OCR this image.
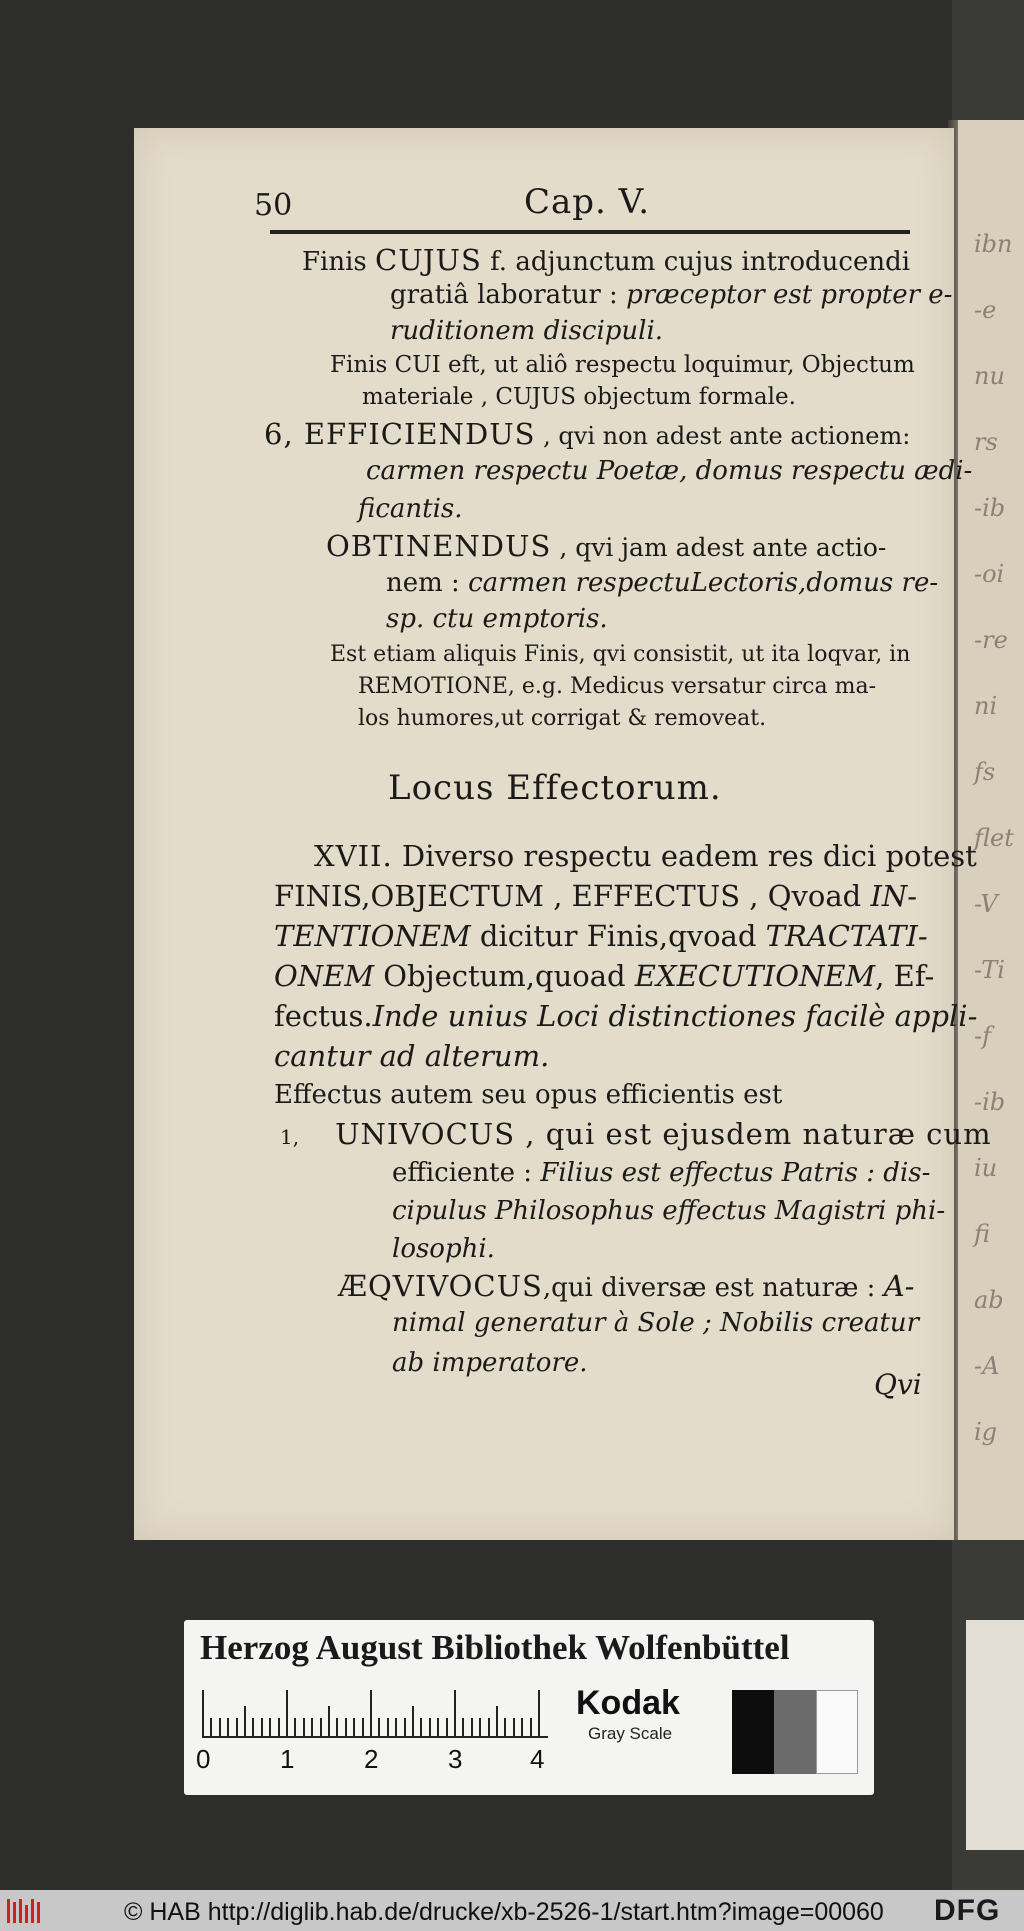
ibn
-e
nu
rs
-ib
-oi
-re
ni
fs
flet
-V
-Ti
-f
-ib
iu
fi
ab
-A
ig
50	Cap. V.
Finis CUJUS f. adjunctum cujus introducendi
gratiâ laboratur : præceptor est propter e-
ruditionem discipuli.
Finis CUI eft, ut aliô respectu loquimur, Objectum
materiale , CUJUS objectum formale.
6, EFFICIENDUS , qvi non adest ante actionem:
carmen respectu Poetæ, domus respectu ædi-
ficantis.
OBTINENDUS , qvi jam adest ante actio-
nem : carmen respectuLectoris,domus re-
sp. ctu emptoris.
Est etiam aliquis Finis, qvi consistit, ut ita loqvar, in
REMOTIONE, e.g. Medicus versatur circa ma-
los humores,ut corrigat & removeat.
Locus Effectorum.
XVII. Diverso respectu eadem res dici potest
FINIS,OBJECTUM , EFFECTUS , Qvoad IN-
TENTIONEM dicitur Finis,qvoad TRACTATI-
ONEM Objectum,quoad EXECUTIONEM, Ef-
fectus.Inde unius Loci distinctiones facilè appli-
cantur ad alterum.
Effectus autem seu opus efficientis est
1, UNIVOCUS , qui est ejusdem naturæ cum
efficiente : Filius est effectus Patris : dis-
cipulus Philosophus effectus Magistri phi-
losophi.
ÆQVIVOCUS,qui diversæ est naturæ : A-
nimal generatur à Sole ; Nobilis creatur
ab imperatore.
Qvi
Herzog August Bibliothek Wolfenbüttel
0	1	2	3	4
Kodak
Gray Scale
© HAB http://diglib.hab.de/drucke/xb-2526-1/start.htm?image=00060 DFG
